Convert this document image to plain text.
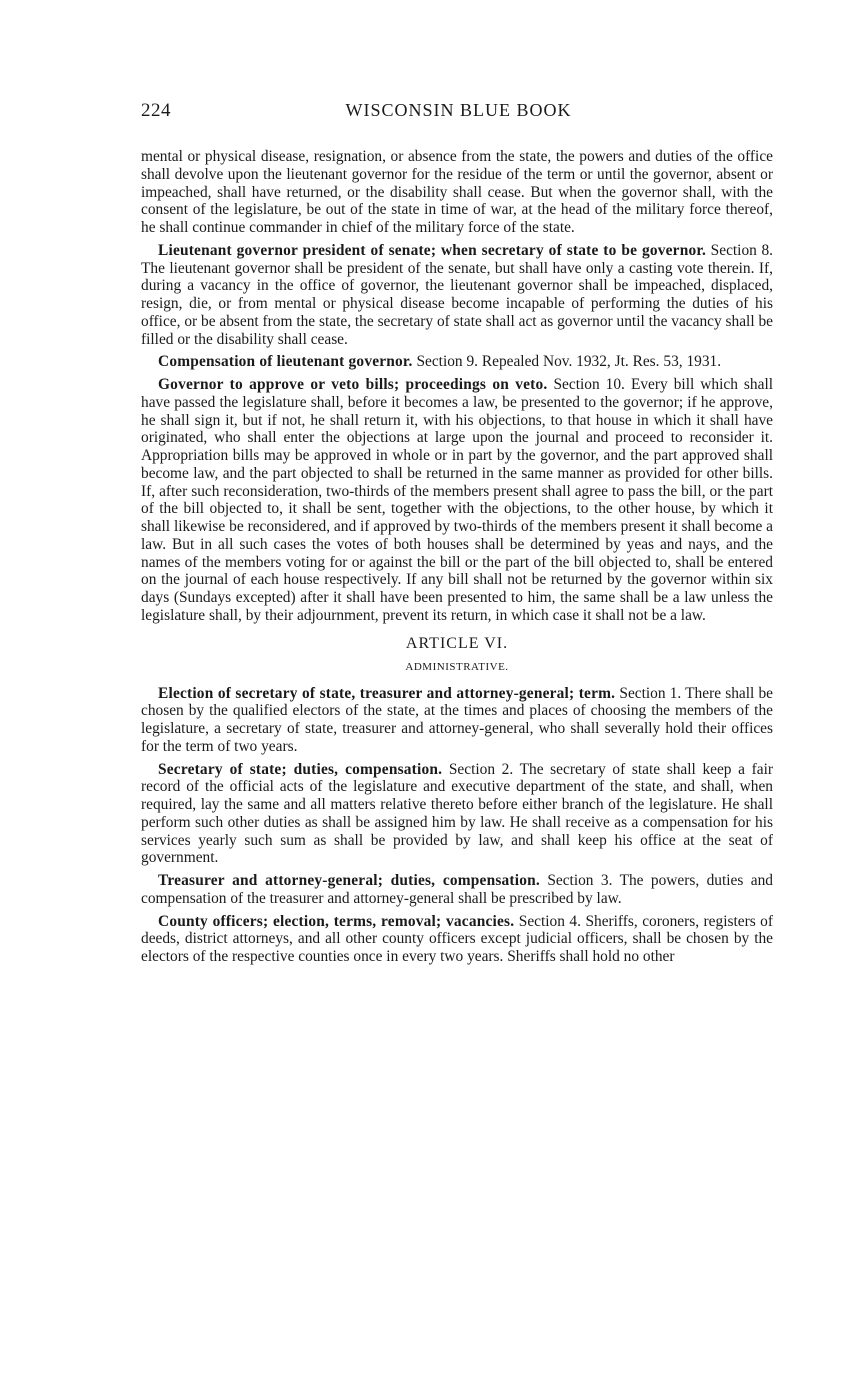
224	WISCONSIN BLUE BOOK

mental or physical disease, resignation, or absence from the state, the powers and duties of the office shall devolve upon the lieutenant governor for the residue of the term or until the governor, absent or impeached, shall have returned, or the disability shall cease. But when the governor shall, with the consent of the legislature, be out of the state in time of war, at the head of the military force thereof, he shall continue commander in chief of the military force of the state.

Lieutenant governor president of senate; when secretary of state to be governor. Section 8. The lieutenant governor shall be president of the senate, but shall have only a casting vote therein. If, during a vacancy in the office of governor, the lieutenant governor shall be impeached, displaced, resign, die, or from mental or physical disease become incapable of performing the duties of his office, or be absent from the state, the secretary of state shall act as governor until the vacancy shall be filled or the disability shall cease.

Compensation of lieutenant governor. Section 9. Repealed Nov. 1932, Jt. Res. 53, 1931.

Governor to approve or veto bills; proceedings on veto. Section 10. Every bill which shall have passed the legislature shall, before it becomes a law, be presented to the governor; if he approve, he shall sign it, but if not, he shall return it, with his objections, to that house in which it shall have originated, who shall enter the objections at large upon the journal and proceed to reconsider it. Appropriation bills may be approved in whole or in part by the governor, and the part approved shall become law, and the part objected to shall be returned in the same manner as provided for other bills. If, after such reconsideration, two-thirds of the members present shall agree to pass the bill, or the part of the bill objected to, it shall be sent, together with the objections, to the other house, by which it shall likewise be reconsidered, and if approved by two-thirds of the members present it shall become a law. But in all such cases the votes of both houses shall be determined by yeas and nays, and the names of the members voting for or against the bill or the part of the bill objected to, shall be entered on the journal of each house respectively. If any bill shall not be returned by the governor within six days (Sundays excepted) after it shall have been presented to him, the same shall be a law unless the legislature shall, by their adjournment, prevent its return, in which case it shall not be a law.

ARTICLE VI.
ADMINISTRATIVE.

Election of secretary of state, treasurer and attorney-general; term. Section 1. There shall be chosen by the qualified electors of the state, at the times and places of choosing the members of the legislature, a secretary of state, treasurer and attorney-general, who shall severally hold their offices for the term of two years.

Secretary of state; duties, compensation. Section 2. The secretary of state shall keep a fair record of the official acts of the legislature and executive department of the state, and shall, when required, lay the same and all matters relative thereto before either branch of the legislature. He shall perform such other duties as shall be assigned him by law. He shall receive as a compensation for his services yearly such sum as shall be provided by law, and shall keep his office at the seat of government.

Treasurer and attorney-general; duties, compensation. Section 3. The powers, duties and compensation of the treasurer and attorney-general shall be prescribed by law.

County officers; election, terms, removal; vacancies. Section 4. Sheriffs, coroners, registers of deeds, district attorneys, and all other county officers except judicial officers, shall be chosen by the electors of the respective counties once in every two years. Sheriffs shall hold no other
